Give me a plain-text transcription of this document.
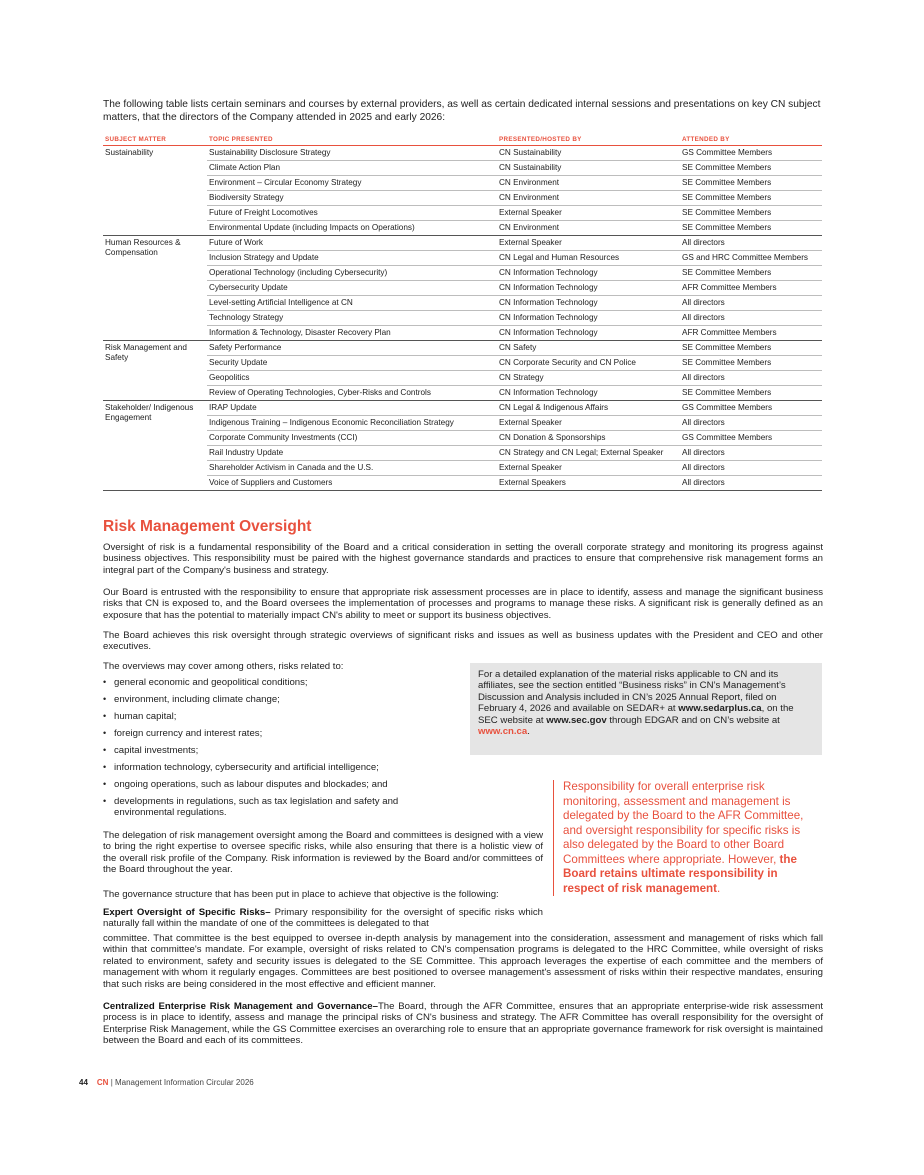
The following table lists certain seminars and courses by external providers, as well as certain dedicated internal sessions and presentations on key CN subject matters, that the directors of the Company attended in 2025 and early 2026:

SUBJECT MATTER	TOPIC PRESENTED	PRESENTED/HOSTED BY	ATTENDED BY
Sustainability	Sustainability Disclosure Strategy	CN Sustainability	GS Committee Members
	Climate Action Plan	CN Sustainability	SE Committee Members
	Environment – Circular Economy Strategy	CN Environment	SE Committee Members
	Biodiversity Strategy	CN Environment	SE Committee Members
	Future of Freight Locomotives	External Speaker	SE Committee Members
	Environmental Update (including Impacts on Operations)	CN Environment	SE Committee Members
Human Resources & Compensation	Future of Work	External Speaker	All directors
	Inclusion Strategy and Update	CN Legal and Human Resources	GS and HRC Committee Members
	Operational Technology (including Cybersecurity)	CN Information Technology	SE Committee Members
	Cybersecurity Update	CN Information Technology	AFR Committee Members
	Level-setting Artificial Intelligence at CN	CN Information Technology	All directors
	Technology Strategy	CN Information Technology	All directors
	Information & Technology, Disaster Recovery Plan	CN Information Technology	AFR Committee Members
Risk Management and Safety	Safety Performance	CN Safety	SE Committee Members
	Security Update	CN Corporate Security and CN Police	SE Committee Members
	Geopolitics	CN Strategy	All directors
	Review of Operating Technologies, Cyber-Risks and Controls	CN Information Technology	SE Committee Members
Stakeholder/ Indigenous Engagement	IRAP Update	CN Legal & Indigenous Affairs	GS Committee Members
	Indigenous Training – Indigenous Economic Reconciliation Strategy	External Speaker	All directors
	Corporate Community Investments (CCI)	CN Donation & Sponsorships	GS Committee Members
	Rail Industry Update	CN Strategy and CN Legal; External Speaker	All directors
	Shareholder Activism in Canada and the U.S.	External Speaker	All directors
	Voice of Suppliers and Customers	External Speakers	All directors
Risk Management Oversight

Oversight of risk is a fundamental responsibility of the Board and a critical consideration in setting the overall corporate strategy and monitoring its progress against business objectives. This responsibility must be paired with the highest governance standards and practices to ensure that comprehensive risk management forms an integral part of the Company's business and strategy.

Our Board is entrusted with the responsibility to ensure that appropriate risk assessment processes are in place to identify, assess and manage the significant business risks that CN is exposed to, and the Board oversees the implementation of processes and programs to manage these risks. A significant risk is generally defined as an exposure that has the potential to materially impact CN's ability to meet or support its business objectives.

The Board achieves this risk oversight through strategic overviews of significant risks and issues as well as business updates with the President and CEO and other executives.

The overviews may cover among others, risks related to:

• general economic and geopolitical conditions;
• environment, including climate change;
• human capital;
• foreign currency and interest rates;
• capital investments;
• information technology, cybersecurity and artificial intelligence;
• ongoing operations, such as labour disputes and blockades; and
• developments in regulations, such as tax legislation and safety and environmental regulations.
For a detailed explanation of the material risks applicable to CN and its affiliates, see the section entitled “Business risks” in CN’s Management’s Discussion and Analysis included in CN’s 2025 Annual Report, filed on February 4, 2026 and available on SEDAR+ at www.sedarplus.ca, on the SEC website at www.sec.gov through EDGAR and on CN’s website at www.cn.ca.
Responsibility for overall enterprise risk monitoring, assessment and management is delegated by the Board to the AFR Committee, and oversight responsibility for specific risks is also delegated by the Board to other Board Committees where appropriate. However, the Board retains ultimate responsibility in respect of risk management.

The delegation of risk management oversight among the Board and committees is designed with a view to bring the right expertise to oversee specific risks, while also ensuring that there is a holistic view of the overall risk profile of the Company. Risk information is reviewed by the Board and/or committees of the Board throughout the year.

The governance structure that has been put in place to achieve that objective is the following:

Expert Oversight of Specific Risks– Primary responsibility for the oversight of specific risks which naturally fall within the mandate of one of the committees is delegated to that

committee. That committee is the best equipped to oversee in-depth analysis by management into the consideration, assessment and management of risks which fall within that committee's mandate. For example, oversight of risks related to CN's compensation programs is delegated to the HRC Committee, while oversight of risks related to environment, safety and security issues is delegated to the SE Committee. This approach leverages the expertise of each committee and the members of management with whom it regularly engages. Committees are best positioned to oversee management's assessment of risks within their respective mandates, ensuring that such risks are being considered in the most effective and efficient manner.

Centralized Enterprise Risk Management and Governance–The Board, through the AFR Committee, ensures that an appropriate enterprise-wide risk assessment process is in place to identify, assess and manage the principal risks of CN's business and strategy. The AFR Committee has overall responsibility for the oversight of Enterprise Risk Management, while the GS Committee exercises an overarching role to ensure that an appropriate governance framework for risk oversight is maintained between the Board and each of its committees.

44 CN | Management Information Circular 2026
